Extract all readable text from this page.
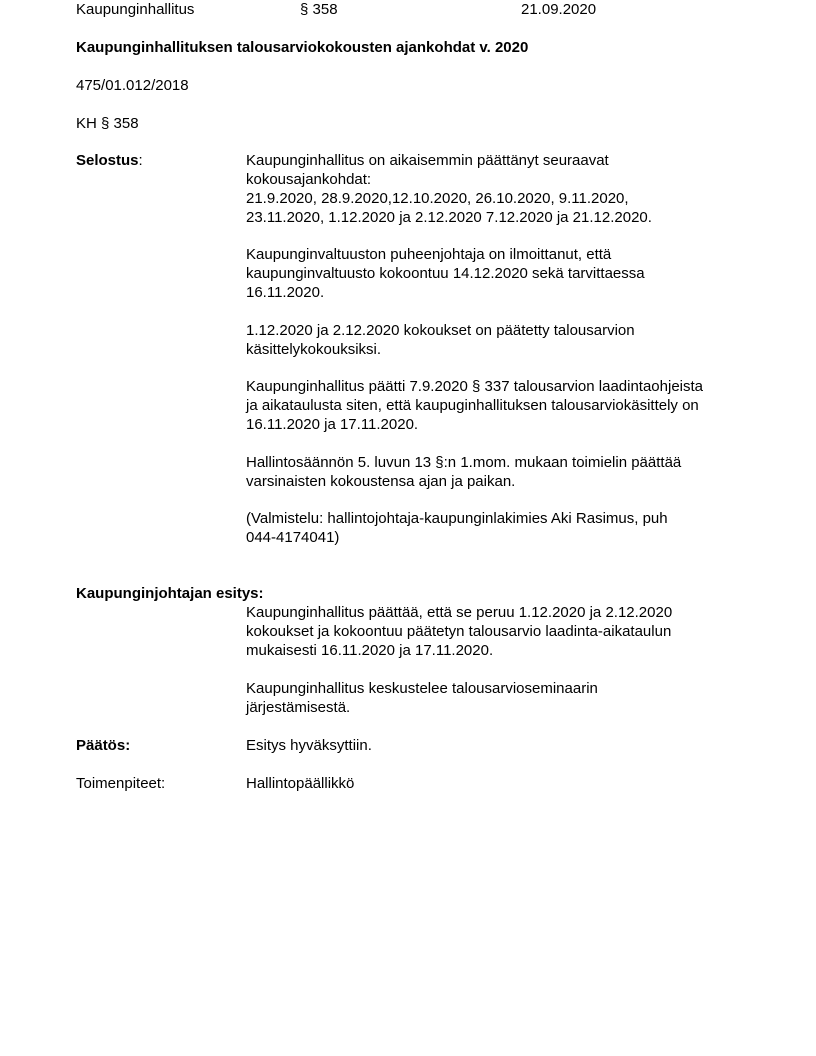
Kaupunginhallitus	§ 358	21.09.2020
Kaupunginhallituksen talousarviokokousten ajankohdat v. 2020
475/01.012/2018
KH § 358
Selostus:	Kaupunginhallitus on aikaisemmin päättänyt seuraavat
kokousajankohdat:
21.9.2020, 28.9.2020,12.10.2020, 26.10.2020, 9.11.2020,
23.11.2020, 1.12.2020 ja 2.12.2020 7.12.2020 ja 21.12.2020.
Kaupunginvaltuuston puheenjohtaja on ilmoittanut, että
kaupunginvaltuusto kokoontuu 14.12.2020 sekä tarvittaessa
16.11.2020.
1.12.2020 ja 2.12.2020 kokoukset on päätetty talousarvion
käsittelykokouksiksi.
Kaupunginhallitus päätti 7.9.2020 § 337 talousarvion laadintaohjeista
ja aikataulusta siten, että kaupuginhallituksen talousarviokäsittely on
16.11.2020 ja 17.11.2020.
Hallintosäännön 5. luvun 13 §:n 1.mom. mukaan toimielin päättää
varsinaisten kokoustensa ajan ja paikan.
(Valmistelu: hallintojohtaja-kaupunginlakimies Aki Rasimus, puh
044-4174041)
Kaupunginjohtajan esitys:
Kaupunginhallitus päättää, että se peruu 1.12.2020 ja 2.12.2020
kokoukset ja kokoontuu päätetyn talousarvio laadinta-aikataulun
mukaisesti 16.11.2020 ja 17.11.2020.
Kaupunginhallitus keskustelee talousarvioseminaarin
järjestämisestä.
Päätös:	Esitys hyväksyttiin.
Toimenpiteet:	Hallintopäällikkö
